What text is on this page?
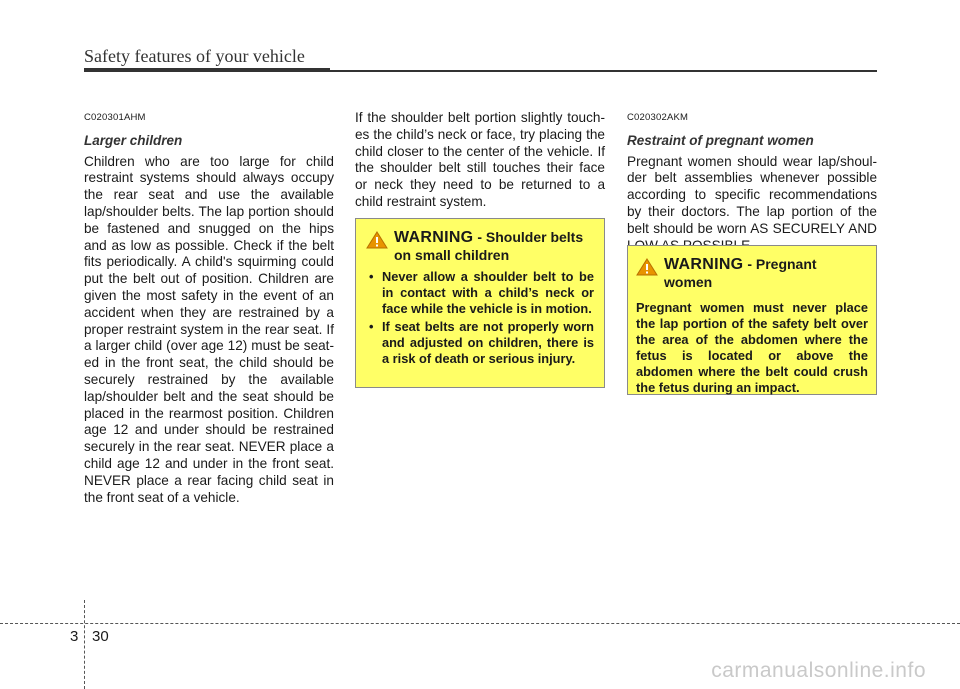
Safety features of your vehicle
C020301AHM
Larger children

Children who are too large for child restraint systems should always occupy the rear seat and use the available lap/shoulder belts. The lap portion should be fastened and snugged on the hips and as low as possible. Check if the belt fits periodically. A child's squirming could put the belt out of position. Children are given the most safety in the event of an accident when they are restrained by a proper restraint system in the rear seat. If a larger child (over age 12) must be seat-ed in the front seat, the child should be securely restrained by the available lap/shoulder belt and the seat should be placed in the rearmost position. Children age 12 and under should be restrained securely in the rear seat. NEVER place a child age 12 and under in the front seat. NEVER place a rear facing child seat in the front seat of a vehicle.

If the shoulder belt portion slightly touch-es the child’s neck or face, try placing the child closer to the center of the vehicle. If the shoulder belt still touches their face or neck they need to be returned to a child restraint system.

WARNING - Shoulder belts on small children
• Never allow a shoulder belt to be in contact with a child’s neck or face while the vehicle is in motion.
• If seat belts are not properly worn and adjusted on children, there is a risk of death or serious injury.
C020302AKM
Restraint of pregnant women

Pregnant women should wear lap/shoul-der belt assemblies whenever possible according to specific recommendations by their doctors. The lap portion of the belt should be worn AS SECURELY AND

WARNING - Pregnant women
Pregnant women must never place the lap portion of the safety belt over the area of the abdomen where the fetus is located or above the abdomen where the belt could crush the fetus during an impact.
3 30
carmanualsonline.info
